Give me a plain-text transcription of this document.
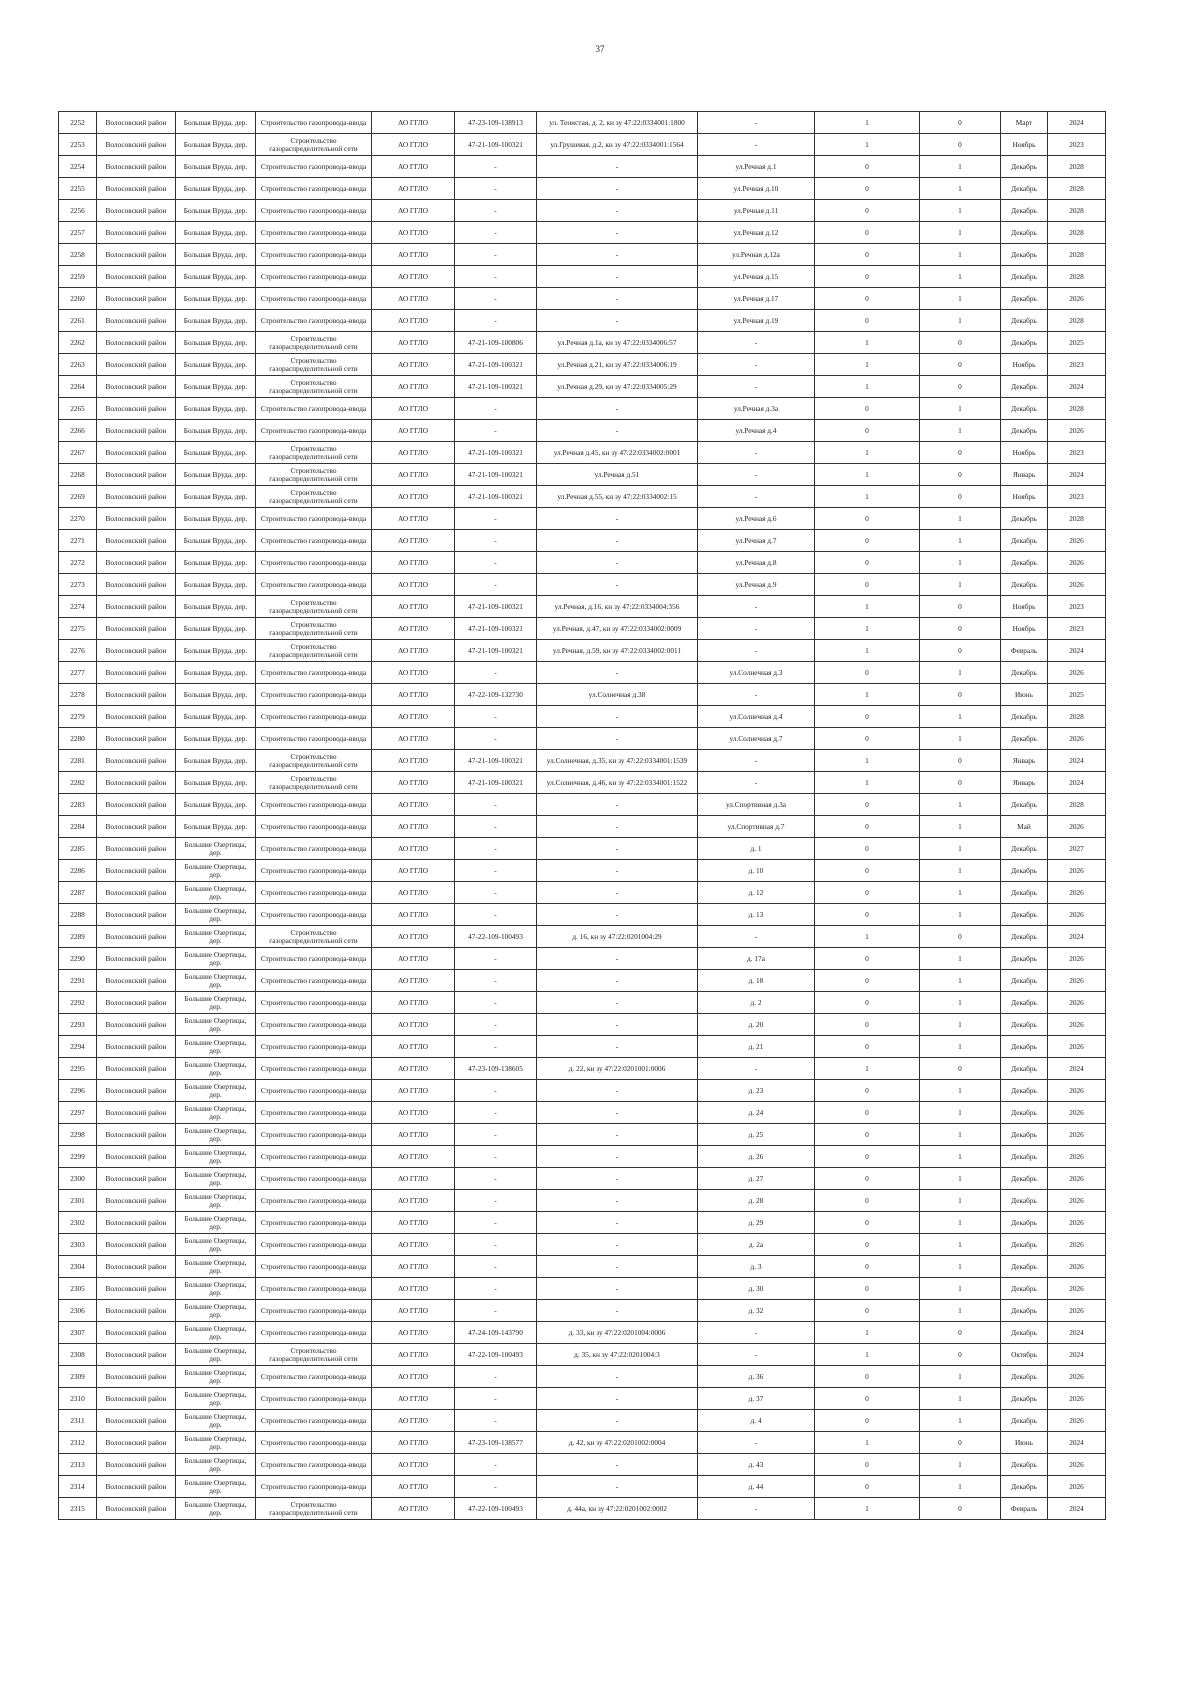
37
2252	Волосовский район	Большая Вруда, дер.	Строительство газопровода-ввода	АО ГГЛО	47-23-109-138913	ул. Тенистая, д. 2, кн зу 47:22:0334001:1800	-	1	0	Март	2024
2253	Волосовский район	Большая Вруда, дер.	Строительство газораспределительной сети	АО ГГЛО	47-21-109-100321	ул.Грушевая, д.2, кн зу 47:22:0334001:1564	-	1	0	Ноябрь	2023
2254	Волосовский район	Большая Вруда, дер.	Строительство газопровода-ввода	АО ГГЛО	-	-	ул.Речная д.1	0	1	Декабрь	2028
2255	Волосовский район	Большая Вруда, дер.	Строительство газопровода-ввода	АО ГГЛО	-	-	ул.Речная д.10	0	1	Декабрь	2028
2256	Волосовский район	Большая Вруда, дер.	Строительство газопровода-ввода	АО ГГЛО	-	-	ул.Речная д.11	0	1	Декабрь	2028
2257	Волосовский район	Большая Вруда, дер.	Строительство газопровода-ввода	АО ГГЛО	-	-	ул.Речная д.12	0	1	Декабрь	2028
2258	Волосовский район	Большая Вруда, дер.	Строительство газопровода-ввода	АО ГГЛО	-	-	ул.Речная д.12а	0	1	Декабрь	2028
2259	Волосовский район	Большая Вруда, дер.	Строительство газопровода-ввода	АО ГГЛО	-	-	ул.Речная д.15	0	1	Декабрь	2028
2260	Волосовский район	Большая Вруда, дер.	Строительство газопровода-ввода	АО ГГЛО	-	-	ул.Речная д.17	0	1	Декабрь	2026
2261	Волосовский район	Большая Вруда, дер.	Строительство газопровода-ввода	АО ГГЛО	-	-	ул.Речная д.19	0	1	Декабрь	2028
2262	Волосовский район	Большая Вруда, дер.	Строительство газораспределительной сети	АО ГГЛО	47-21-109-100806	ул.Речная д.1а, кн зу 47:22:0334006:57	-	1	0	Декабрь	2025
2263	Волосовский район	Большая Вруда, дер.	Строительство газораспределительной сети	АО ГГЛО	47-21-109-100321	ул.Речная д.21, кн зу 47:22:0334006:19	-	1	0	Ноябрь	2023
2264	Волосовский район	Большая Вруда, дер.	Строительство газораспределительной сети	АО ГГЛО	47-21-109-100321	ул.Речная д.29, кн зу 47:22:0334005:29	-	1	0	Декабрь	2024
2265	Волосовский район	Большая Вруда, дер.	Строительство газопровода-ввода	АО ГГЛО	-	-	ул.Речная д.3а	0	1	Декабрь	2028
2266	Волосовский район	Большая Вруда, дер.	Строительство газопровода-ввода	АО ГГЛО	-	-	ул.Речная д.4	0	1	Декабрь	2026
2267	Волосовский район	Большая Вруда, дер.	Строительство газораспределительной сети	АО ГГЛО	47-21-109-100321	ул.Речная д.45, кн зу 47:22:0334002:0001	-	1	0	Ноябрь	2023
2268	Волосовский район	Большая Вруда, дер.	Строительство газораспределительной сети	АО ГГЛО	47-21-109-100321	ул.Речная д.51	-	1	0	Январь	2024
2269	Волосовский район	Большая Вруда, дер.	Строительство газораспределительной сети	АО ГГЛО	47-21-109-100321	ул.Речная д.55, кн зу 47:22:0334002:15	-	1	0	Ноябрь	2023
2270	Волосовский район	Большая Вруда, дер.	Строительство газопровода-ввода	АО ГГЛО	-	-	ул.Речная д.6	0	1	Декабрь	2028
2271	Волосовский район	Большая Вруда, дер.	Строительство газопровода-ввода	АО ГГЛО	-	-	ул.Речная д.7	0	1	Декабрь	2026
2272	Волосовский район	Большая Вруда, дер.	Строительство газопровода-ввода	АО ГГЛО	-	-	ул.Речная д.8	0	1	Декабрь	2026
2273	Волосовский район	Большая Вруда, дер.	Строительство газопровода-ввода	АО ГГЛО	-	-	ул.Речная д.9	0	1	Декабрь	2026
2274	Волосовский район	Большая Вруда, дер.	Строительство газораспределительной сети	АО ГГЛО	47-21-109-100321	ул.Речная, д.16, кн зу 47:22:0334004:356	-	1	0	Ноябрь	2023
2275	Волосовский район	Большая Вруда, дер.	Строительство газораспределительной сети	АО ГГЛО	47-21-109-100321	ул.Речная, д.47, кн зу 47:22:0334002:0009	-	1	0	Ноябрь	2023
2276	Волосовский район	Большая Вруда, дер.	Строительство газораспределительной сети	АО ГГЛО	47-21-109-100321	ул.Речная, д.59, кн зу 47:22:0334002:0011	-	1	0	Февраль	2024
2277	Волосовский район	Большая Вруда, дер.	Строительство газопровода-ввода	АО ГГЛО	-	-	ул.Солнечная д.3	0	1	Декабрь	2026
2278	Волосовский район	Большая Вруда, дер.	Строительство газопровода-ввода	АО ГГЛО	47-22-109-132730	ул.Солнечная д.38	-	1	0	Июнь	2025
2279	Волосовский район	Большая Вруда, дер.	Строительство газопровода-ввода	АО ГГЛО	-	-	ул.Солнечная д.4	0	1	Декабрь	2028
2280	Волосовский район	Большая Вруда, дер.	Строительство газопровода-ввода	АО ГГЛО	-	-	ул.Солнечная д.7	0	1	Декабрь	2026
2281	Волосовский район	Большая Вруда, дер.	Строительство газораспределительной сети	АО ГГЛО	47-21-109-100321	ул.Солнечная, д.35, кн зу 47:22:0334001:1539	-	1	0	Январь	2024
2282	Волосовский район	Большая Вруда, дер.	Строительство газораспределительной сети	АО ГГЛО	47-21-109-100321	ул.Солнечная, д.46, кн зу 47:22:0334001:1522	-	1	0	Январь	2024
2283	Волосовский район	Большая Вруда, дер.	Строительство газопровода-ввода	АО ГГЛО	-	-	ул.Спортивная д.3а	0	1	Декабрь	2028
2284	Волосовский район	Большая Вруда, дер.	Строительство газопровода-ввода	АО ГГЛО	-	-	ул.Спортивная д.7	0	1	Май	2026
2285	Волосовский район	Большие Озертицы, дер.	Строительство газопровода-ввода	АО ГГЛО	-	-	д. 1	0	1	Декабрь	2027
2286	Волосовский район	Большие Озертицы, дер.	Строительство газопровода-ввода	АО ГГЛО	-	-	д. 10	0	1	Декабрь	2026
2287	Волосовский район	Большие Озертицы, дер.	Строительство газопровода-ввода	АО ГГЛО	-	-	д. 12	0	1	Декабрь	2026
2288	Волосовский район	Большие Озертицы, дер.	Строительство газопровода-ввода	АО ГГЛО	-	-	д. 13	0	1	Декабрь	2026
2289	Волосовский район	Большие Озертицы, дер.	Строительство газораспределительной сети	АО ГГЛО	47-22-109-100493	д. 16, кн зу 47:22:0201004:29	-	1	0	Декабрь	2024
2290	Волосовский район	Большие Озертицы, дер.	Строительство газопровода-ввода	АО ГГЛО	-	-	д. 17а	0	1	Декабрь	2026
2291	Волосовский район	Большие Озертицы, дер.	Строительство газопровода-ввода	АО ГГЛО	-	-	д. 18	0	1	Декабрь	2026
2292	Волосовский район	Большие Озертицы, дер.	Строительство газопровода-ввода	АО ГГЛО	-	-	д. 2	0	1	Декабрь	2026
2293	Волосовский район	Большие Озертицы, дер.	Строительство газопровода-ввода	АО ГГЛО	-	-	д. 20	0	1	Декабрь	2026
2294	Волосовский район	Большие Озертицы, дер.	Строительство газопровода-ввода	АО ГГЛО	-	-	д. 21	0	1	Декабрь	2026
2295	Волосовский район	Большие Озертицы, дер.	Строительство газопровода-ввода	АО ГГЛО	47-23-109-138605	д. 22, кн зу 47:22:0201001:0006	-	1	0	Декабрь	2024
2296	Волосовский район	Большие Озертицы, дер.	Строительство газопровода-ввода	АО ГГЛО	-	-	д. 23	0	1	Декабрь	2026
2297	Волосовский район	Большие Озертицы, дер.	Строительство газопровода-ввода	АО ГГЛО	-	-	д. 24	0	1	Декабрь	2026
2298	Волосовский район	Большие Озертицы, дер.	Строительство газопровода-ввода	АО ГГЛО	-	-	д. 25	0	1	Декабрь	2026
2299	Волосовский район	Большие Озертицы, дер.	Строительство газопровода-ввода	АО ГГЛО	-	-	д. 26	0	1	Декабрь	2026
2300	Волосовский район	Большие Озертицы, дер.	Строительство газопровода-ввода	АО ГГЛО	-	-	д. 27	0	1	Декабрь	2026
2301	Волосовский район	Большие Озертицы, дер.	Строительство газопровода-ввода	АО ГГЛО	-	-	д. 28	0	1	Декабрь	2026
2302	Волосовский район	Большие Озертицы, дер.	Строительство газопровода-ввода	АО ГГЛО	-	-	д. 29	0	1	Декабрь	2026
2303	Волосовский район	Большие Озертицы, дер.	Строительство газопровода-ввода	АО ГГЛО	-	-	д. 2а	0	1	Декабрь	2026
2304	Волосовский район	Большие Озертицы, дер.	Строительство газопровода-ввода	АО ГГЛО	-	-	д. 3	0	1	Декабрь	2026
2305	Волосовский район	Большие Озертицы, дер.	Строительство газопровода-ввода	АО ГГЛО	-	-	д. 30	0	1	Декабрь	2026
2306	Волосовский район	Большие Озертицы, дер.	Строительство газопровода-ввода	АО ГГЛО	-	-	д. 32	0	1	Декабрь	2026
2307	Волосовский район	Большие Озертицы, дер.	Строительство газопровода-ввода	АО ГГЛО	47-24-109-143790	д. 33, кн зу 47:22:0201004:0006	-	1	0	Декабрь	2024
2308	Волосовский район	Большие Озертицы, дер.	Строительство газораспределительной сети	АО ГГЛО	47-22-109-100493	д. 35, кн зу 47:22:0201004:3	-	1	0	Октябрь	2024
2309	Волосовский район	Большие Озертицы, дер.	Строительство газопровода-ввода	АО ГГЛО	-	-	д. 36	0	1	Декабрь	2026
2310	Волосовский район	Большие Озертицы, дер.	Строительство газопровода-ввода	АО ГГЛО	-	-	д. 37	0	1	Декабрь	2026
2311	Волосовский район	Большие Озертицы, дер.	Строительство газопровода-ввода	АО ГГЛО	-	-	д. 4	0	1	Декабрь	2026
2312	Волосовский район	Большие Озертицы, дер.	Строительство газопровода-ввода	АО ГГЛО	47-23-109-138577	д. 42, кн зу 47:22:0201002:0004	-	1	0	Июнь	2024
2313	Волосовский район	Большие Озертицы, дер.	Строительство газопровода-ввода	АО ГГЛО	-	-	д. 43	0	1	Декабрь	2026
2314	Волосовский район	Большие Озертицы, дер.	Строительство газопровода-ввода	АО ГГЛО	-	-	д. 44	0	1	Декабрь	2026
2315	Волосовский район	Большие Озертицы, дер.	Строительство газораспределительной сети	АО ГГЛО	47-22-109-100493	д. 44а, кн зу 47:22:0201002:0002	-	1	0	Февраль	2024
